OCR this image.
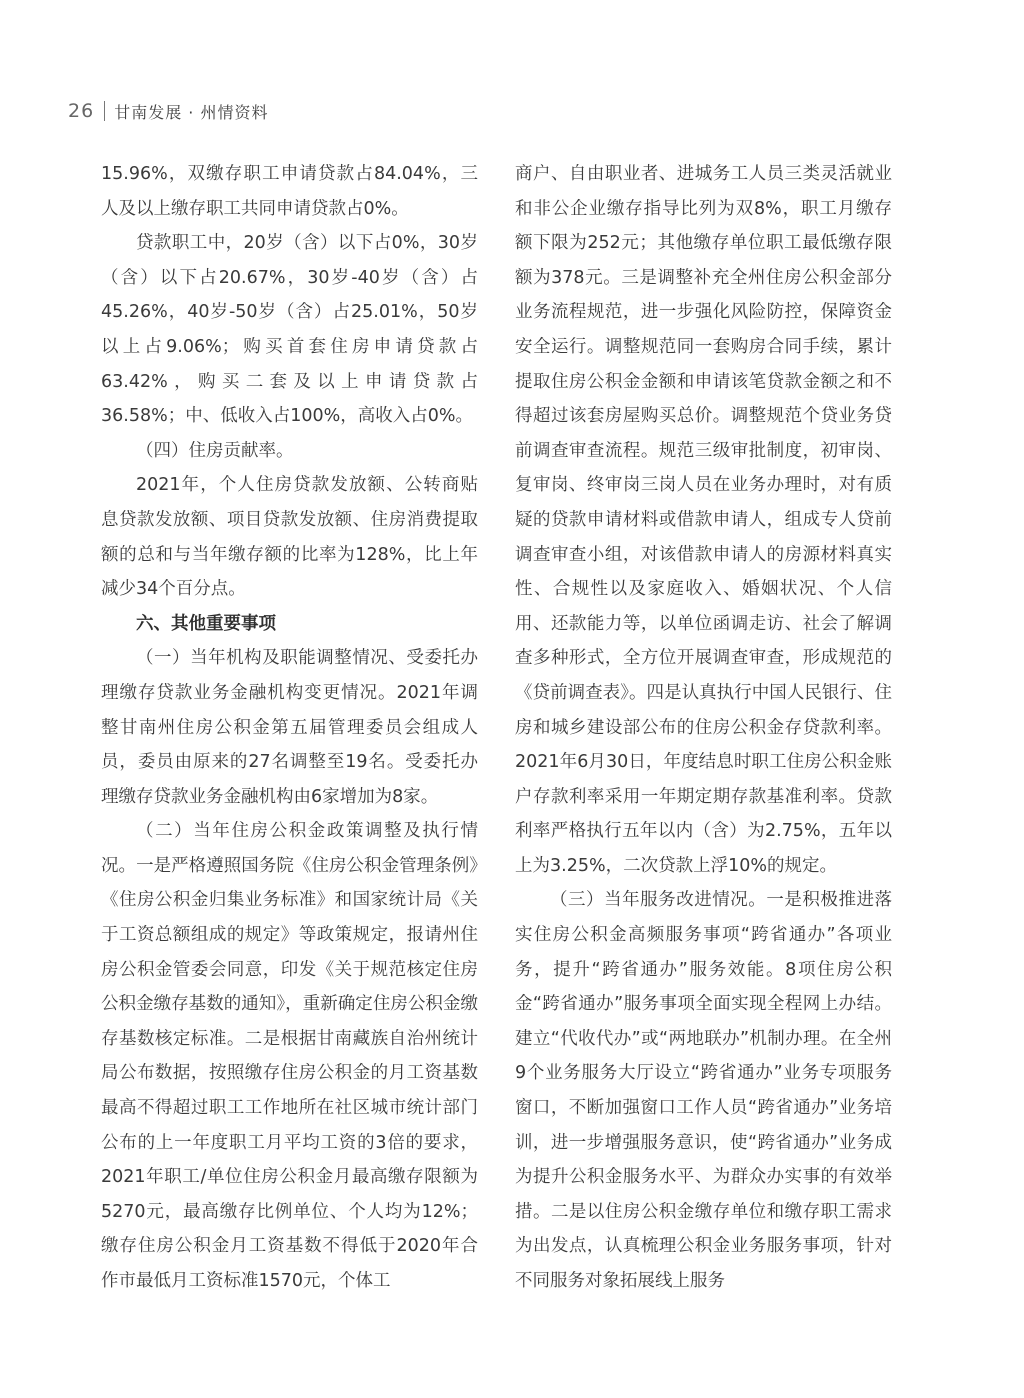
26 甘南发展 · 州情资料

15.96%，双缴存职工申请贷款占84.04%，三人及以上缴存职工共同申请贷款占0%。

贷款职工中，20岁（含）以下占0%，30岁（含）以下占20.67%，30岁-40岁（含）占45.26%，40岁-50岁（含）占25.01%，50岁以上占9.06%；购买首套住房申请贷款占63.42%，购买二套及以上申请贷款占36.58%；中、低收入占100%，高收入占0%。

（四）住房贡献率。

2021年，个人住房贷款发放额、公转商贴息贷款发放额、项目贷款发放额、住房消费提取额的总和与当年缴存额的比率为128%，比上年减少34个百分点。

六、其他重要事项

（一）当年机构及职能调整情况、受委托办理缴存贷款业务金融机构变更情况。2021年调整甘南州住房公积金第五届管理委员会组成人员，委员由原来的27名调整至19名。受委托办理缴存贷款业务金融机构由6家增加为8家。

（二）当年住房公积金政策调整及执行情况。一是严格遵照国务院《住房公积金管理条例》《住房公积金归集业务标准》和国家统计局《关于工资总额组成的规定》等政策规定，报请州住房公积金管委会同意，印发《关于规范核定住房公积金缴存基数的通知》，重新确定住房公积金缴存基数核定标准。二是根据甘南藏族自治州统计局公布数据，按照缴存住房公积金的月工资基数最高不得超过职工工作地所在社区城市统计部门公布的上一年度职工月平均工资的3倍的要求，2021年职工/单位住房公积金月最高缴存限额为5270元，最高缴存比例单位、个人均为12%；缴存住房公积金月工资基数不得低于2020年合作市最低月工资标准1570元，个体工

商户、自由职业者、进城务工人员三类灵活就业和非公企业缴存指导比列为双8%，职工月缴存额下限为252元；其他缴存单位职工最低缴存限额为378元。三是调整补充全州住房公积金部分业务流程规范，进一步强化风险防控，保障资金安全运行。调整规范同一套购房合同手续，累计提取住房公积金金额和申请该笔贷款金额之和不得超过该套房屋购买总价。调整规范个贷业务贷前调查审查流程。规范三级审批制度，初审岗、复审岗、终审岗三岗人员在业务办理时，对有质疑的贷款申请材料或借款申请人，组成专人贷前调查审查小组，对该借款申请人的房源材料真实性、合规性以及家庭收入、婚姻状况、个人信用、还款能力等，以单位函调走访、社会了解调查多种形式，全方位开展调查审查，形成规范的《贷前调查表》。四是认真执行中国人民银行、住房和城乡建设部公布的住房公积金存贷款利率。2021年6月30日，年度结息时职工住房公积金账户存款利率采用一年期定期存款基准利率。贷款利率严格执行五年以内（含）为2.75%，五年以上为3.25%，二次贷款上浮10%的规定。

（三）当年服务改进情况。一是积极推进落实住房公积金高频服务事项“跨省通办”各项业务，提升“跨省通办”服务效能。8项住房公积金“跨省通办”服务事项全面实现全程网上办结。建立“代收代办”或“两地联办”机制办理。在全州9个业务服务大厅设立“跨省通办”业务专项服务窗口，不断加强窗口工作人员“跨省通办”业务培训，进一步增强服务意识，使“跨省通办”业务成为提升公积金服务水平、为群众办实事的有效举措。二是以住房公积金缴存单位和缴存职工需求为出发点，认真梳理公积金业务服务事项，针对不同服务对象拓展线上服务
